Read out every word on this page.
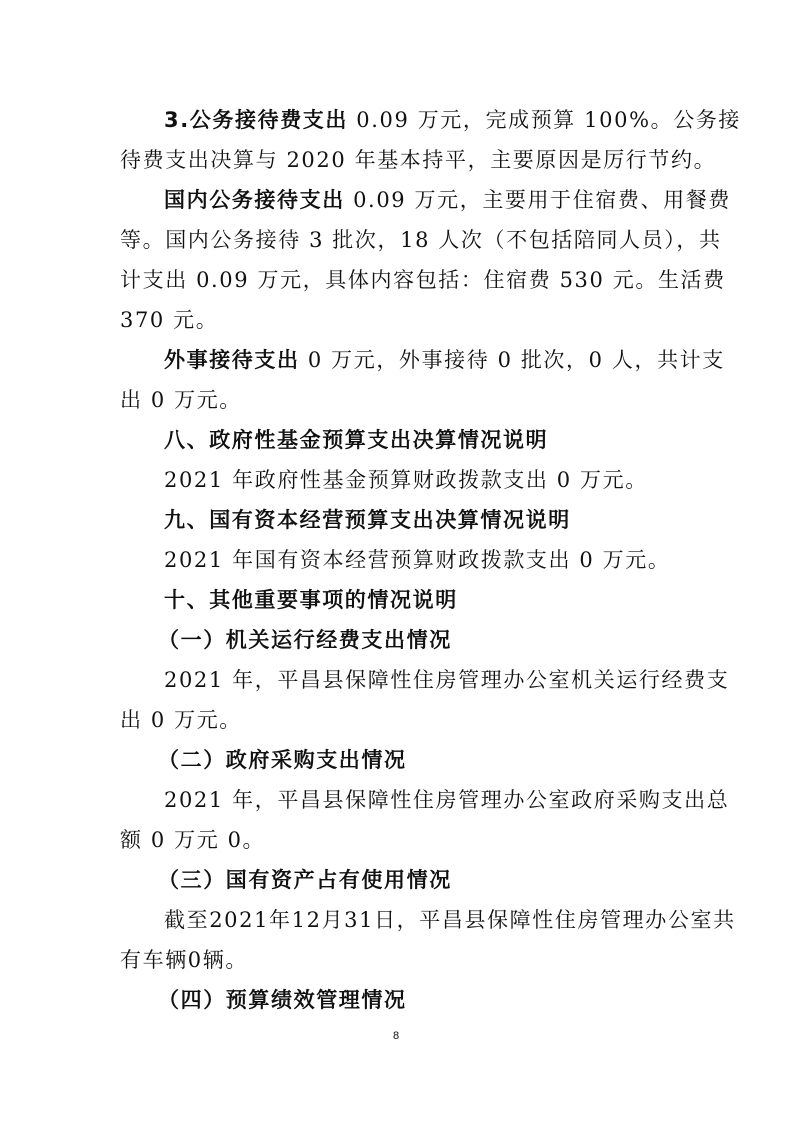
3.公务接待费支出 0.09 万元，完成预算 100%。公务接
待费支出决算与 2020 年基本持平，主要原因是厉行节约。
国内公务接待支出 0.09 万元，主要用于住宿费、用餐费
等。国内公务接待 3 批次，18 人次（不包括陪同人员），共
计支出 0.09 万元，具体内容包括：住宿费 530 元。生活费
370 元。
外事接待支出 0 万元，外事接待 0 批次，0 人，共计支
出 0 万元。
八、政府性基金预算支出决算情况说明
2021 年政府性基金预算财政拨款支出 0 万元。
九、国有资本经营预算支出决算情况说明
2021 年国有资本经营预算财政拨款支出 0 万元。
十、其他重要事项的情况说明
（一）机关运行经费支出情况
2021 年，平昌县保障性住房管理办公室机关运行经费支
出 0 万元。
（二）政府采购支出情况
2021 年，平昌县保障性住房管理办公室政府采购支出总
额 0 万元 0。
（三）国有资产占有使用情况
截至2021年12月31日，平昌县保障性住房管理办公室共
有车辆0辆。
（四）预算绩效管理情况
8
